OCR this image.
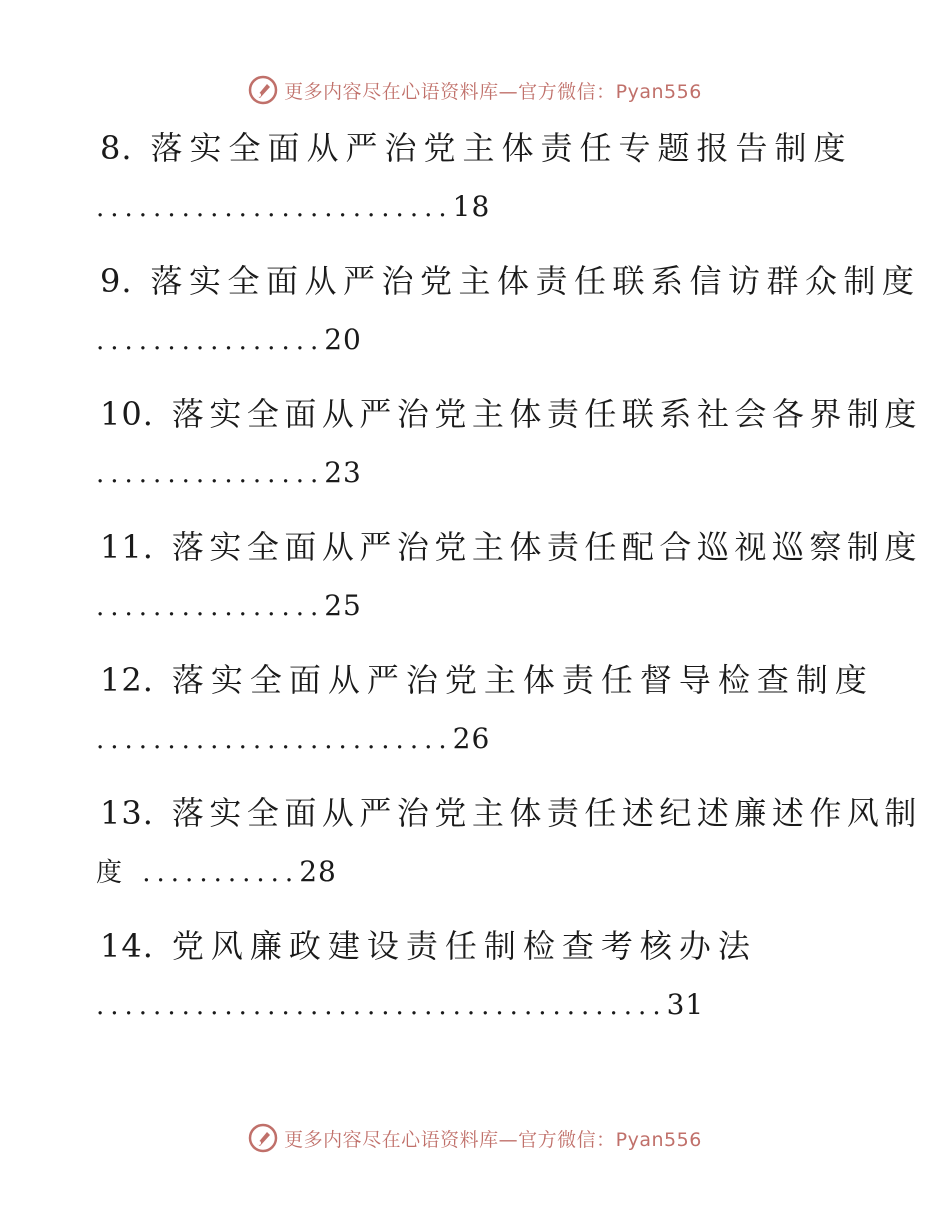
更多内容尽在心语资料库—官方微信：Pyan556
8. 落实全面从严治党主体责任专题报告制度
.........................18
9. 落实全面从严治党主体责任联系信访群众制度
................20
10. 落实全面从严治党主体责任联系社会各界制度
................23
11. 落实全面从严治党主体责任配合巡视巡察制度
................25
12. 落实全面从严治党主体责任督导检查制度
.........................26
13. 落实全面从严治党主体责任述纪述廉述作风制
度 ...........28
14. 党风廉政建设责任制检查考核办法
........................................31
更多内容尽在心语资料库—官方微信：Pyan556
